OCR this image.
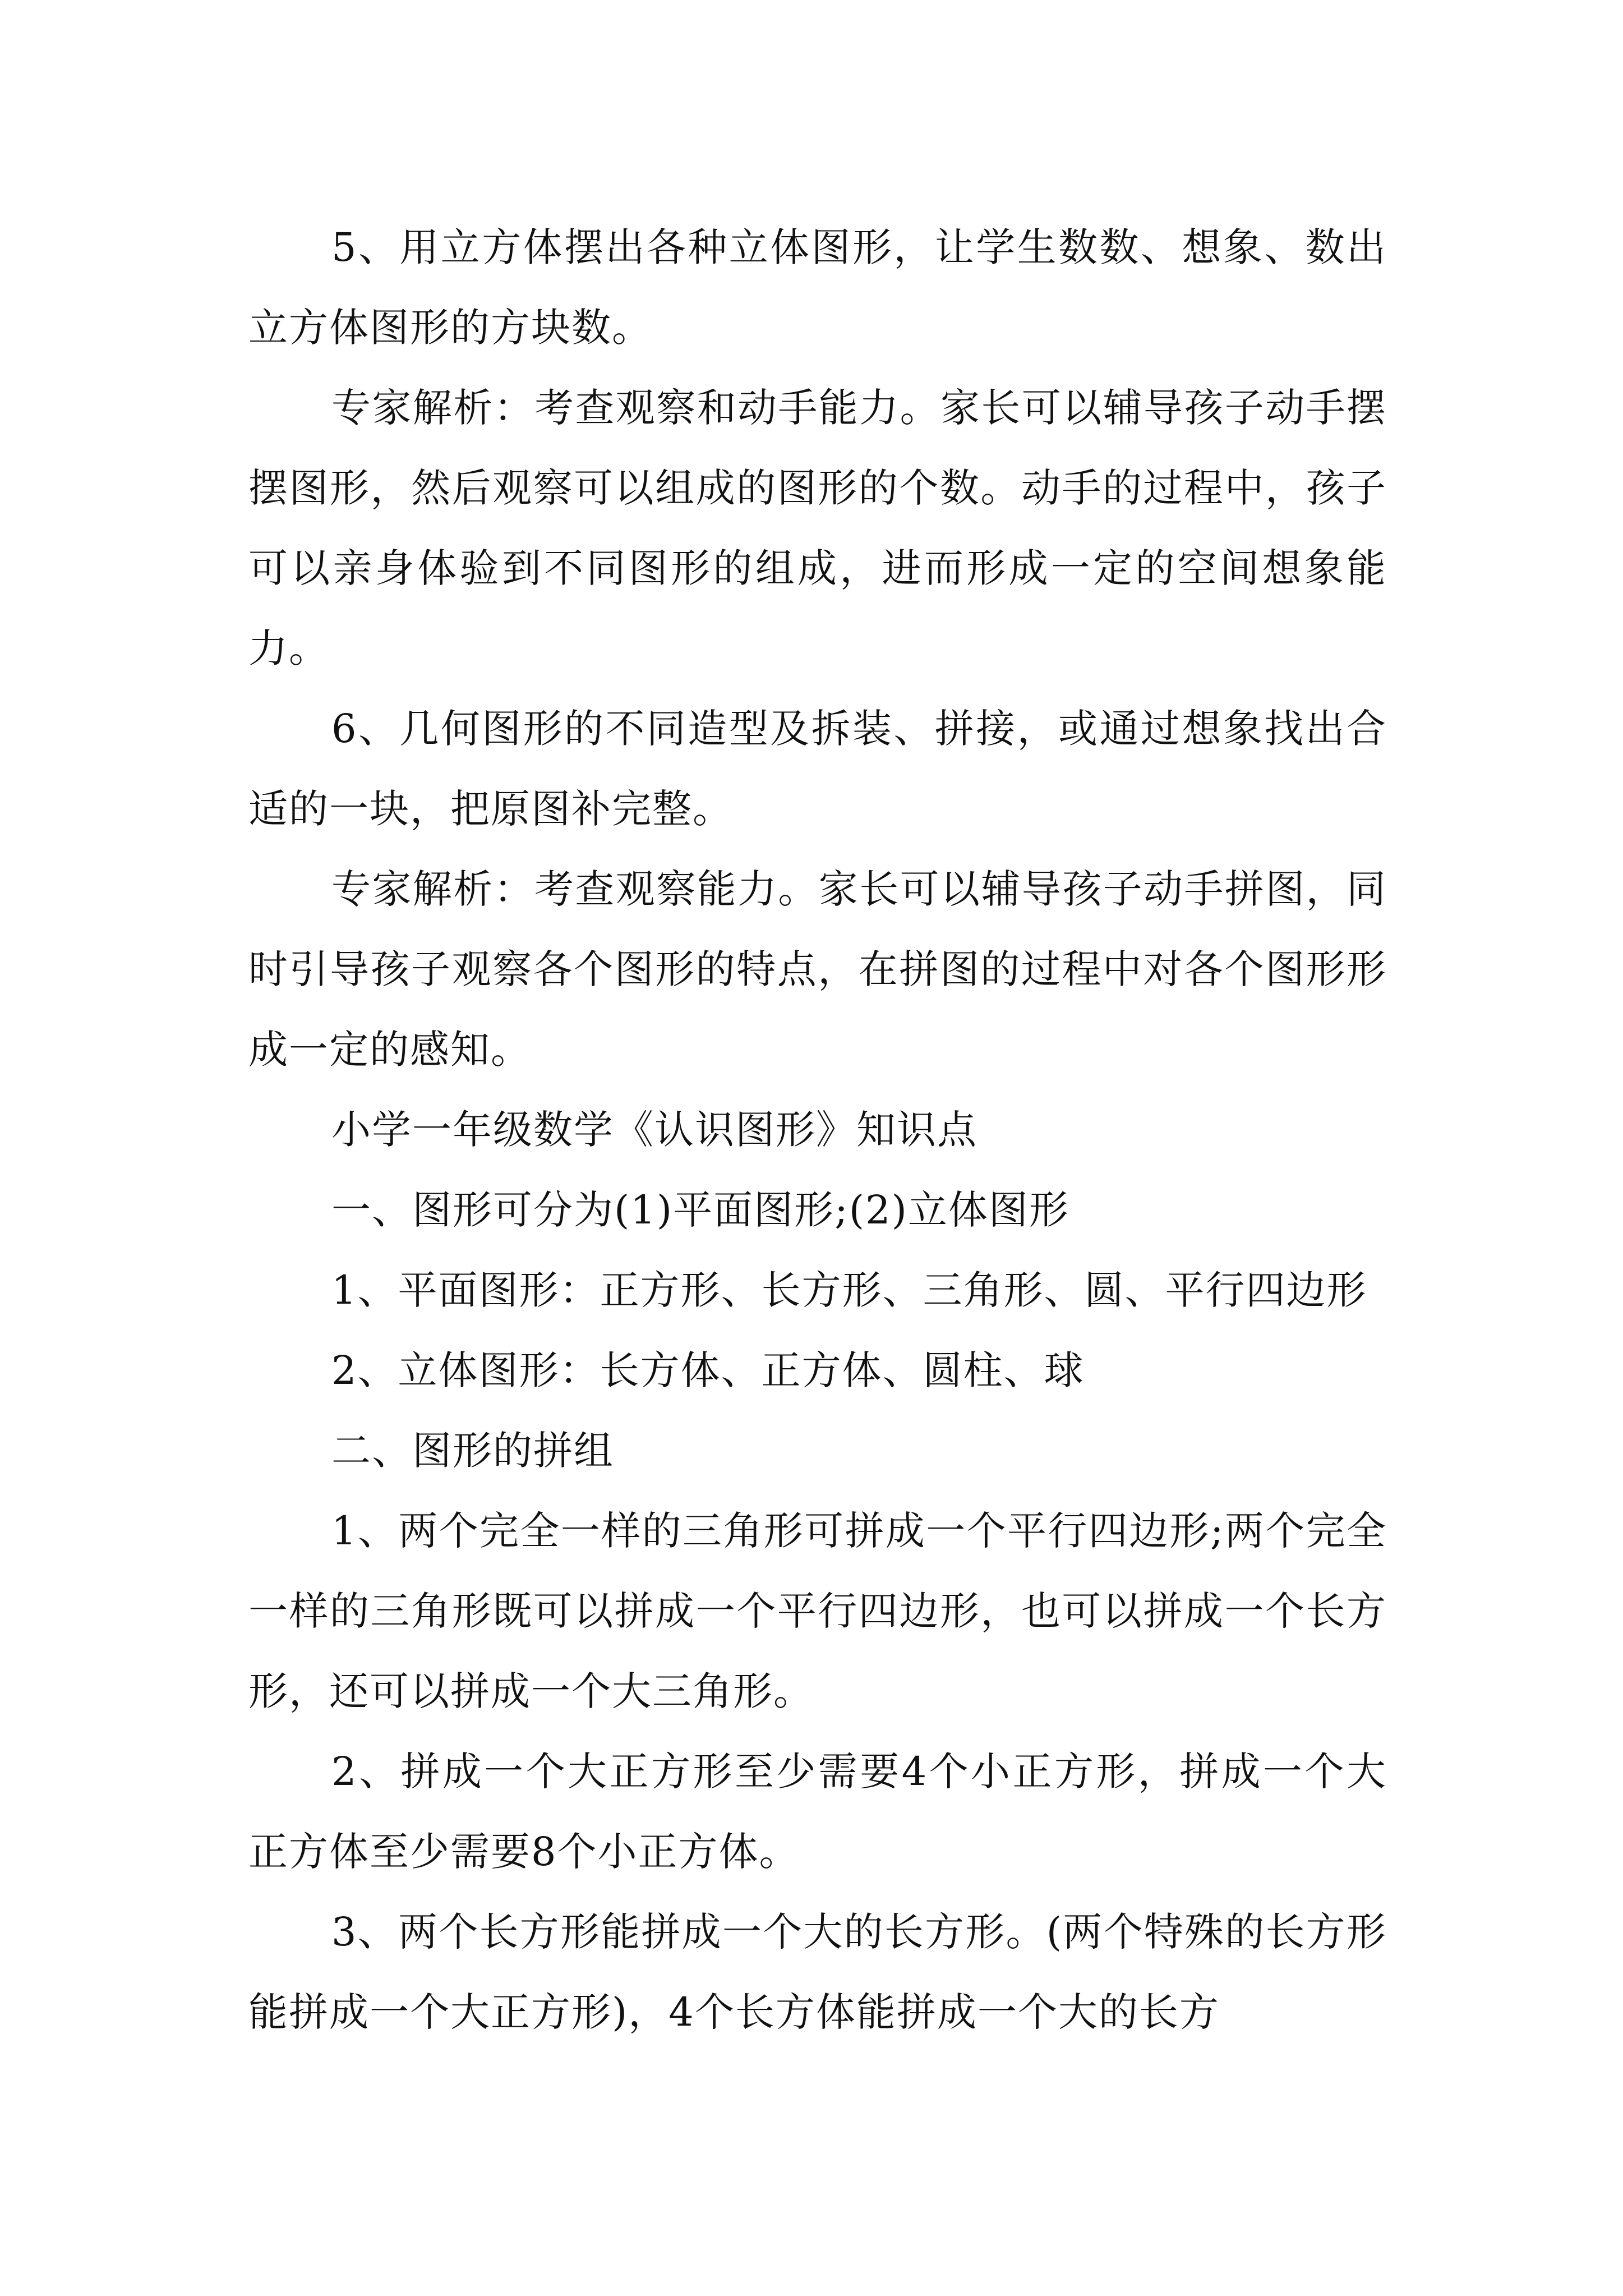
5、用立方体摆出各种立体图形，让学生数数、想象、数出立方体图形的方块数。

专家解析：考查观察和动手能力。家长可以辅导孩子动手摆摆图形，然后观察可以组成的图形的个数。动手的过程中，孩子可以亲身体验到不同图形的组成，进而形成一定的空间想象能力。

6、几何图形的不同造型及拆装、拼接，或通过想象找出合适的一块，把原图补完整。

专家解析：考查观察能力。家长可以辅导孩子动手拼图，同时引导孩子观察各个图形的特点，在拼图的过程中对各个图形形成一定的感知。

小学一年级数学《认识图形》知识点

一、图形可分为(1)平面图形;(2)立体图形

1、平面图形：正方形、长方形、三角形、圆、平行四边形

2、立体图形：长方体、正方体、圆柱、球

二、图形的拼组

1、两个完全一样的三角形可拼成一个平行四边形;两个完全一样的三角形既可以拼成一个平行四边形，也可以拼成一个长方形，还可以拼成一个大三角形。

2、拼成一个大正方形至少需要4个小正方形，拼成一个大正方体至少需要8个小正方体。

3、两个长方形能拼成一个大的长方形。(两个特殊的长方形能拼成一个大正方形)，4个长方体能拼成一个大的长方
